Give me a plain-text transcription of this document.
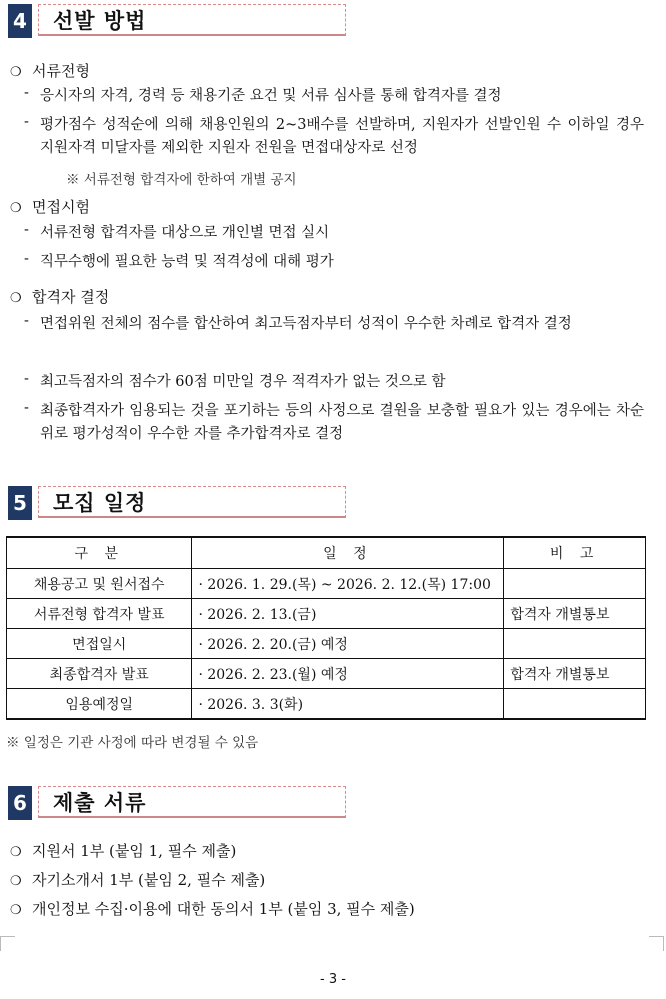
4	선발 방법
❍ 서류전형
- 응시자의 자격, 경력 등 채용기준 요건 및 서류 심사를 통해 합격자를 결정
- 평가점수 성적순에 의해 채용인원의 2~3배수를 선발하며, 지원자가 선발인원 수 이하일 경우 지원자격 미달자를 제외한 지원자 전원을 면접대상자로 선정
※ 서류전형 합격자에 한하여 개별 공지
❍ 면접시험
- 서류전형 합격자를 대상으로 개인별 면접 실시
- 직무수행에 필요한 능력 및 적격성에 대해 평가
❍ 합격자 결정
- 면접위원 전체의 점수를 합산하여 최고득점자부터 성적이 우수한 차례로 합격자 결정
- 최고득점자의 점수가 60점 미만일 경우 적격자가 없는 것으로 함
- 최종합격자가 임용되는 것을 포기하는 등의 사정으로 결원을 보충할 필요가 있는 경우에는 차순위로 평가성적이 우수한 자를 추가합격자로 결정
5	모집 일정
구 분	일 정	비 고
채용공고 및 원서접수	· 2026. 1. 29.(목) ~ 2026. 2. 12.(목) 17:00	
서류전형 합격자 발표	· 2026. 2. 13.(금)	합격자 개별통보
면접일시	· 2026. 2. 20.(금) 예정	
최종합격자 발표	· 2026. 2. 23.(월) 예정	합격자 개별통보
임용예정일	· 2026. 3. 3(화)	
※ 일정은 기관 사정에 따라 변경될 수 있음
6	제출 서류
❍ 지원서 1부 (붙임 1, 필수 제출)
❍ 자기소개서 1부 (붙임 2, 필수 제출)
❍ 개인정보 수집·이용에 대한 동의서 1부 (붙임 3, 필수 제출)
- 3 -
